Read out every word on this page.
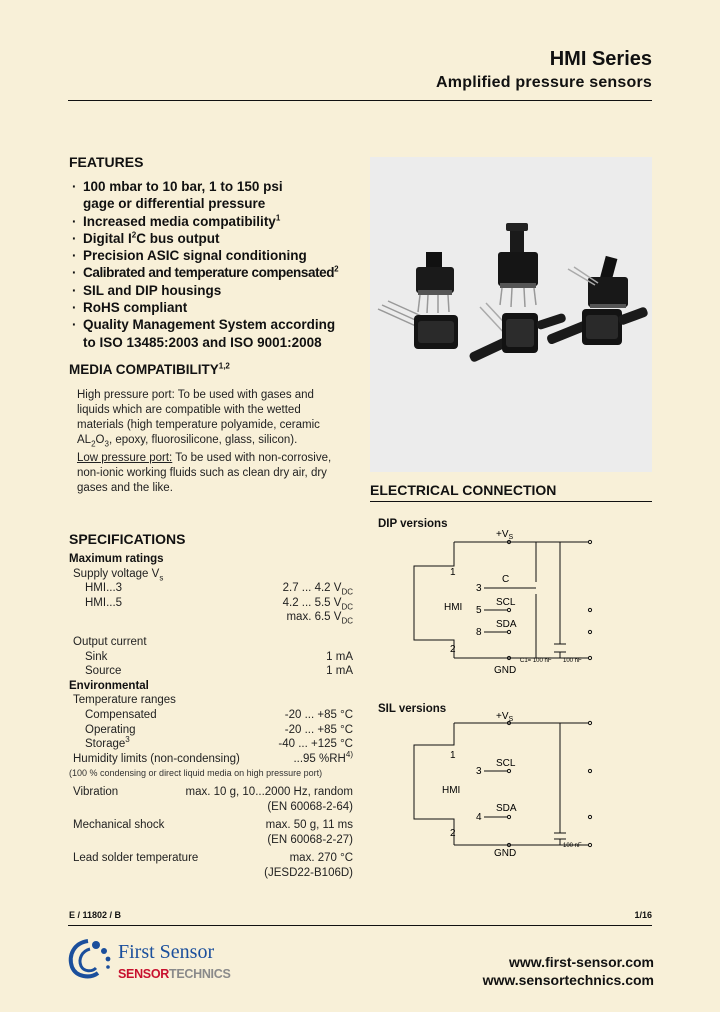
HMI Series
Amplified pressure sensors
FEATURES
· 100 mbar to 10 bar, 1 to 150 psi
gage or differential pressure
· Increased media compatibility$^1$
· Digital $I^2C$ bus output
· Precision ASIC signal conditioning
· Calibrated and temperature compensated$^2$
· SIL and DIP housings
· RoHS compliant
· Quality Management System according
to ISO 13485:2003 and ISO 9001:2008
MEDIA COMPATIBILITY$^{1,2}$
High pressure port: To be used with gases and
liquids which are compatible with the wetted
materials (high temperature polyamide, ceramic
$AL_2O_3$, epoxy, fluorosilicone, glass, silicon).
Low pressure port: To be used with non-corrosive,
non-ionic working fluids such as clean dry air, dry
gases and the like.
SPECIFICATIONS
Maximum ratings
Supply voltage $V_s$
HMI...3	2.7 ... 4.2 $V_{DC}$
HMI...5	4.2 ... 5.5 $V_{DC}$
max. 6.5 $V_{DC}$
Output current
Sink	1 mA
Source	1 mA
Environmental
Temperature ranges
Compensated	-20 ... +85 °C
Operating	-20 ... +85 °C
Storage$^3$	-40 ... +125 °C
Humidity limits (non-condensing)	...95 %RH$^{4)}$
(100 % condensing or direct liquid media on high pressure port)
Vibration	max. 10 g, 10...2000 Hz, random
(EN 60068-2-64)
Mechanical shock	max. 50 g, 11 ms
(EN 60068-2-27)
Lead solder temperature	max. 270 °C
(JESD22-B106D)
ELECTRICAL CONNECTION
DIP versions
$+V_S$
1
3
C
HMI 5
SCL
SDA
8
2
C1= 100 nF 100 nF
GND
SIL versions
$+V_S$
1
3
SCL
HMI
SDA
4
2
100 nF
GND
E / 11802 / B	1/16
First Sensor
SENSORTECHNICS
www.first-sensor.com
www.sensortechnics.com
